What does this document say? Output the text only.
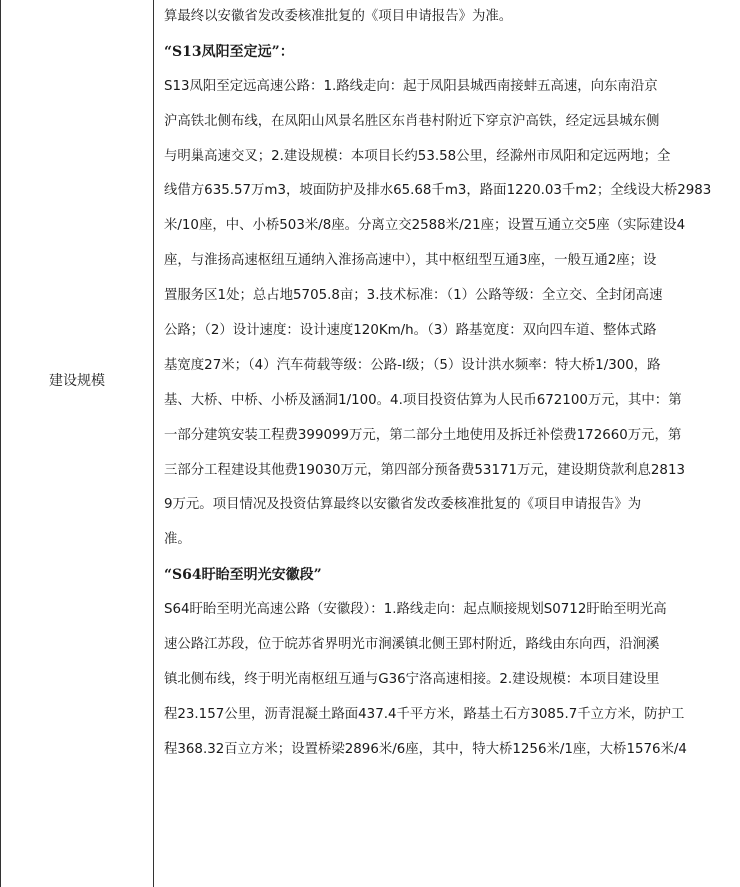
建设规模
算最终以安徽省发改委核准批复的《项目申请报告》为准。
“S13凤阳至定远”：
S13凤阳至定远高速公路：1.路线走向：起于凤阳县城西南接蚌五高速，向东南沿京
沪高铁北侧布线，在凤阳山风景名胜区东肖巷村附近下穿京沪高铁，经定远县城东侧
与明巢高速交叉；2.建设规模：本项目长约53.58公里，经滁州市凤阳和定远两地；全
线借方635.57万m3，坡面防护及排水65.68千m3，路面1220.03千m2；全线设大桥2983
米/10座，中、小桥503米/8座。分离立交2588米/21座；设置互通立交5座（实际建设4
座，与淮扬高速枢纽互通纳入淮扬高速中），其中枢纽型互通3座，一般互通2座；设
置服务区1处；总占地5705.8亩；3.技术标准：（1）公路等级：全立交、全封闭高速
公路；（2）设计速度：设计速度120Km/h。（3）路基宽度：双向四车道、整体式路
基宽度27米；（4）汽车荷载等级：公路-I级；（5）设计洪水频率：特大桥1/300，路
基、大桥、中桥、小桥及涵洞1/100。4.项目投资估算为人民币672100万元，其中：第
一部分建筑安装工程费399099万元，第二部分土地使用及拆迁补偿费172660万元，第
三部分工程建设其他费19030万元，第四部分预备费53171万元，建设期贷款利息2813
9万元。项目情况及投资估算最终以安徽省发改委核准批复的《项目申请报告》为
准。
“S64盱眙至明光安徽段”
S64盱眙至明光高速公路（安徽段）：1.路线走向：起点顺接规划S0712盱眙至明光高
速公路江苏段，位于皖苏省界明光市涧溪镇北侧王郢村附近，路线由东向西，沿涧溪
镇北侧布线，终于明光南枢纽互通与G36宁洛高速相接。2.建设规模：本项目建设里
程23.157公里，沥青混凝土路面437.4千平方米，路基土石方3085.7千立方米，防护工
程368.32百立方米；设置桥梁2896米/6座，其中，特大桥1256米/1座，大桥1576米/4
